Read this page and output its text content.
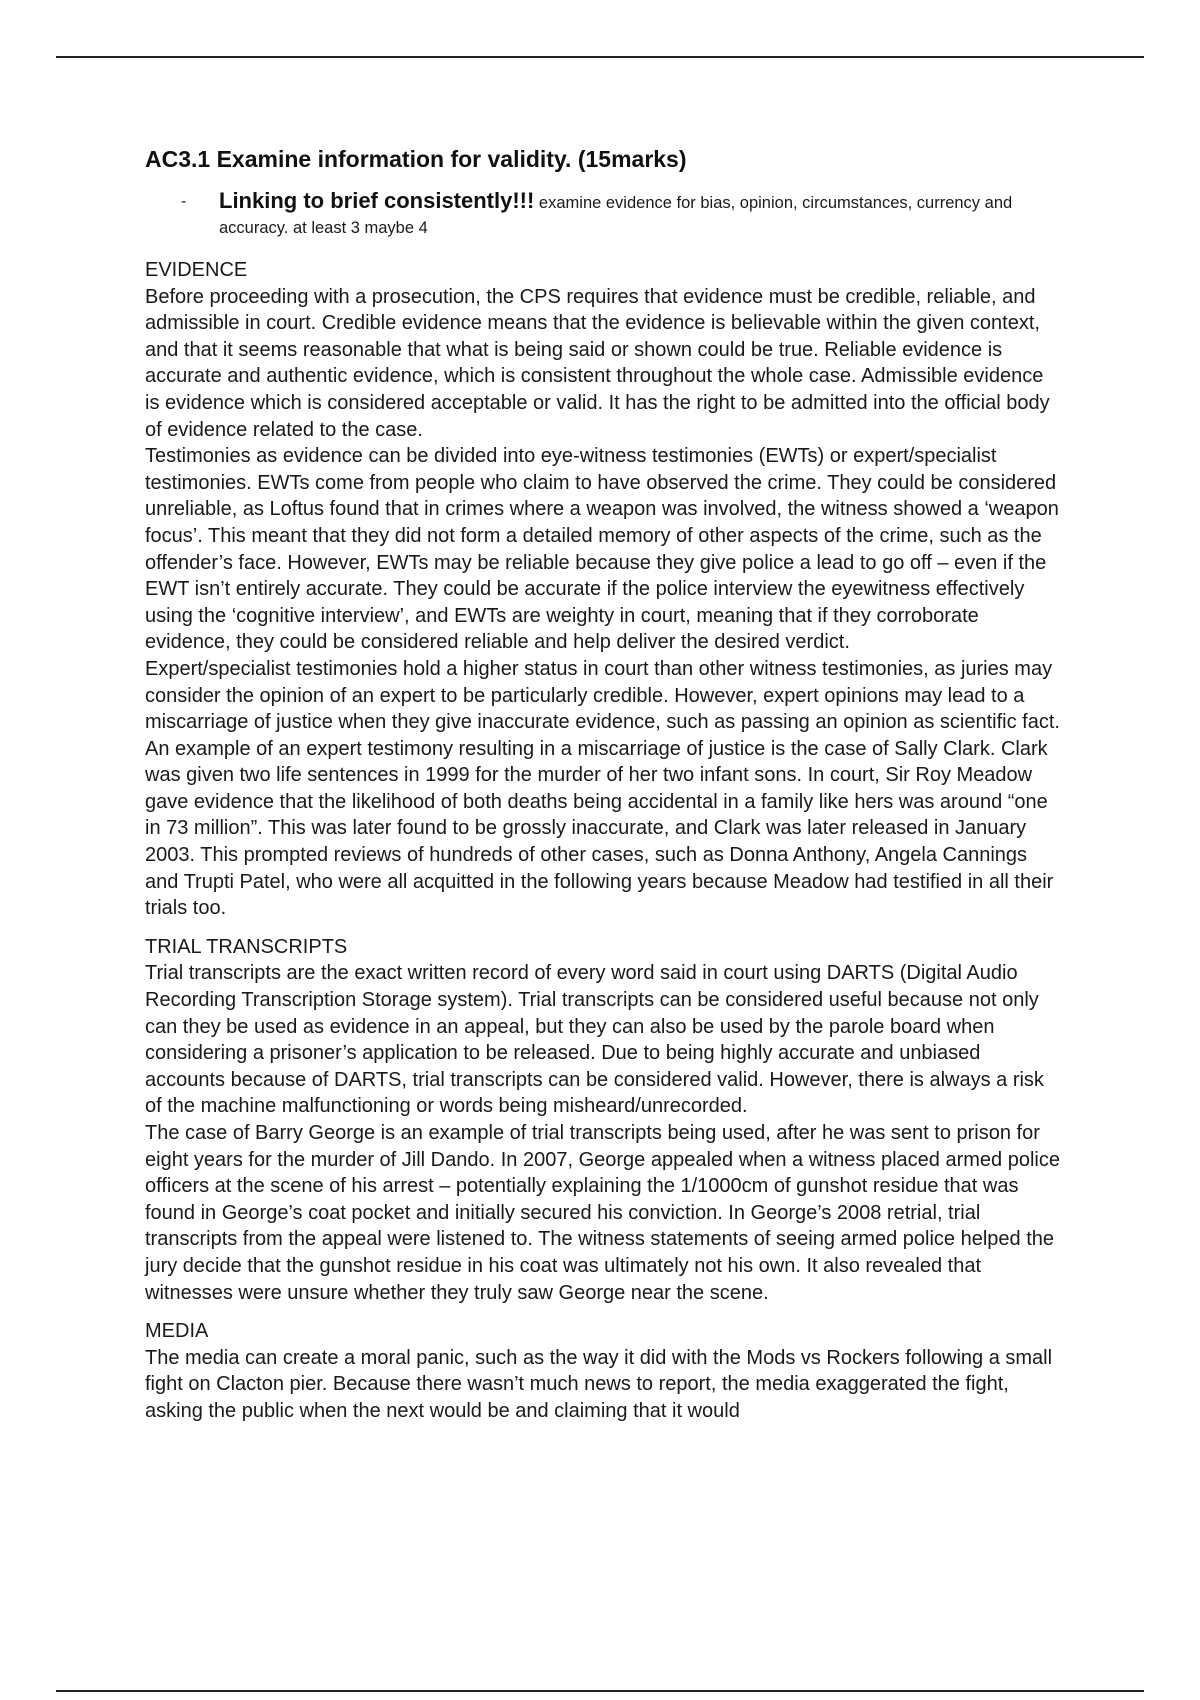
AC3.1 Examine information for validity. (15marks)
-	Linking to brief consistently!!! examine evidence for bias, opinion, circumstances, currency and accuracy. at least 3 maybe 4

EVIDENCE

Before proceeding with a prosecution, the CPS requires that evidence must be credible, reliable, and admissible in court. Credible evidence means that the evidence is believable within the given context, and that it seems reasonable that what is being said or shown could be true. Reliable evidence is accurate and authentic evidence, which is consistent throughout the whole case. Admissible evidence is evidence which is considered acceptable or valid. It has the right to be admitted into the official body of evidence related to the case.

Testimonies as evidence can be divided into eye-witness testimonies (EWTs) or expert/specialist testimonies. EWTs come from people who claim to have observed the crime. They could be considered unreliable, as Loftus found that in crimes where a weapon was involved, the witness showed a ‘weapon focus’. This meant that they did not form a detailed memory of other aspects of the crime, such as the offender’s face. However, EWTs may be reliable because they give police a lead to go off – even if the EWT isn’t entirely accurate. They could be accurate if the police interview the eyewitness effectively using the ‘cognitive interview’, and EWTs are weighty in court, meaning that if they corroborate evidence, they could be considered reliable and help deliver the desired verdict.

Expert/specialist testimonies hold a higher status in court than other witness testimonies, as juries may consider the opinion of an expert to be particularly credible. However, expert opinions may lead to a miscarriage of justice when they give inaccurate evidence, such as passing an opinion as scientific fact. An example of an expert testimony resulting in a miscarriage of justice is the case of Sally Clark. Clark was given two life sentences in 1999 for the murder of her two infant sons. In court, Sir Roy Meadow gave evidence that the likelihood of both deaths being accidental in a family like hers was around “one in 73 million”. This was later found to be grossly inaccurate, and Clark was later released in January 2003. This prompted reviews of hundreds of other cases, such as Donna Anthony, Angela Cannings and Trupti Patel, who were all acquitted in the following years because Meadow had testified in all their trials too.

TRIAL TRANSCRIPTS

Trial transcripts are the exact written record of every word said in court using DARTS (Digital Audio Recording Transcription Storage system). Trial transcripts can be considered useful because not only can they be used as evidence in an appeal, but they can also be used by the parole board when considering a prisoner’s application to be released. Due to being highly accurate and unbiased accounts because of DARTS, trial transcripts can be considered valid. However, there is always a risk of the machine malfunctioning or words being misheard/unrecorded.

The case of Barry George is an example of trial transcripts being used, after he was sent to prison for eight years for the murder of Jill Dando. In 2007, George appealed when a witness placed armed police officers at the scene of his arrest – potentially explaining the 1/1000cm of gunshot residue that was found in George’s coat pocket and initially secured his conviction. In George’s 2008 retrial, trial transcripts from the appeal were listened to. The witness statements of seeing armed police helped the jury decide that the gunshot residue in his coat was ultimately not his own. It also revealed that witnesses were unsure whether they truly saw George near the scene.

MEDIA

The media can create a moral panic, such as the way it did with the Mods vs Rockers following a small fight on Clacton pier. Because there wasn’t much news to report, the media exaggerated the fight, asking the public when the next would be and claiming that it would
